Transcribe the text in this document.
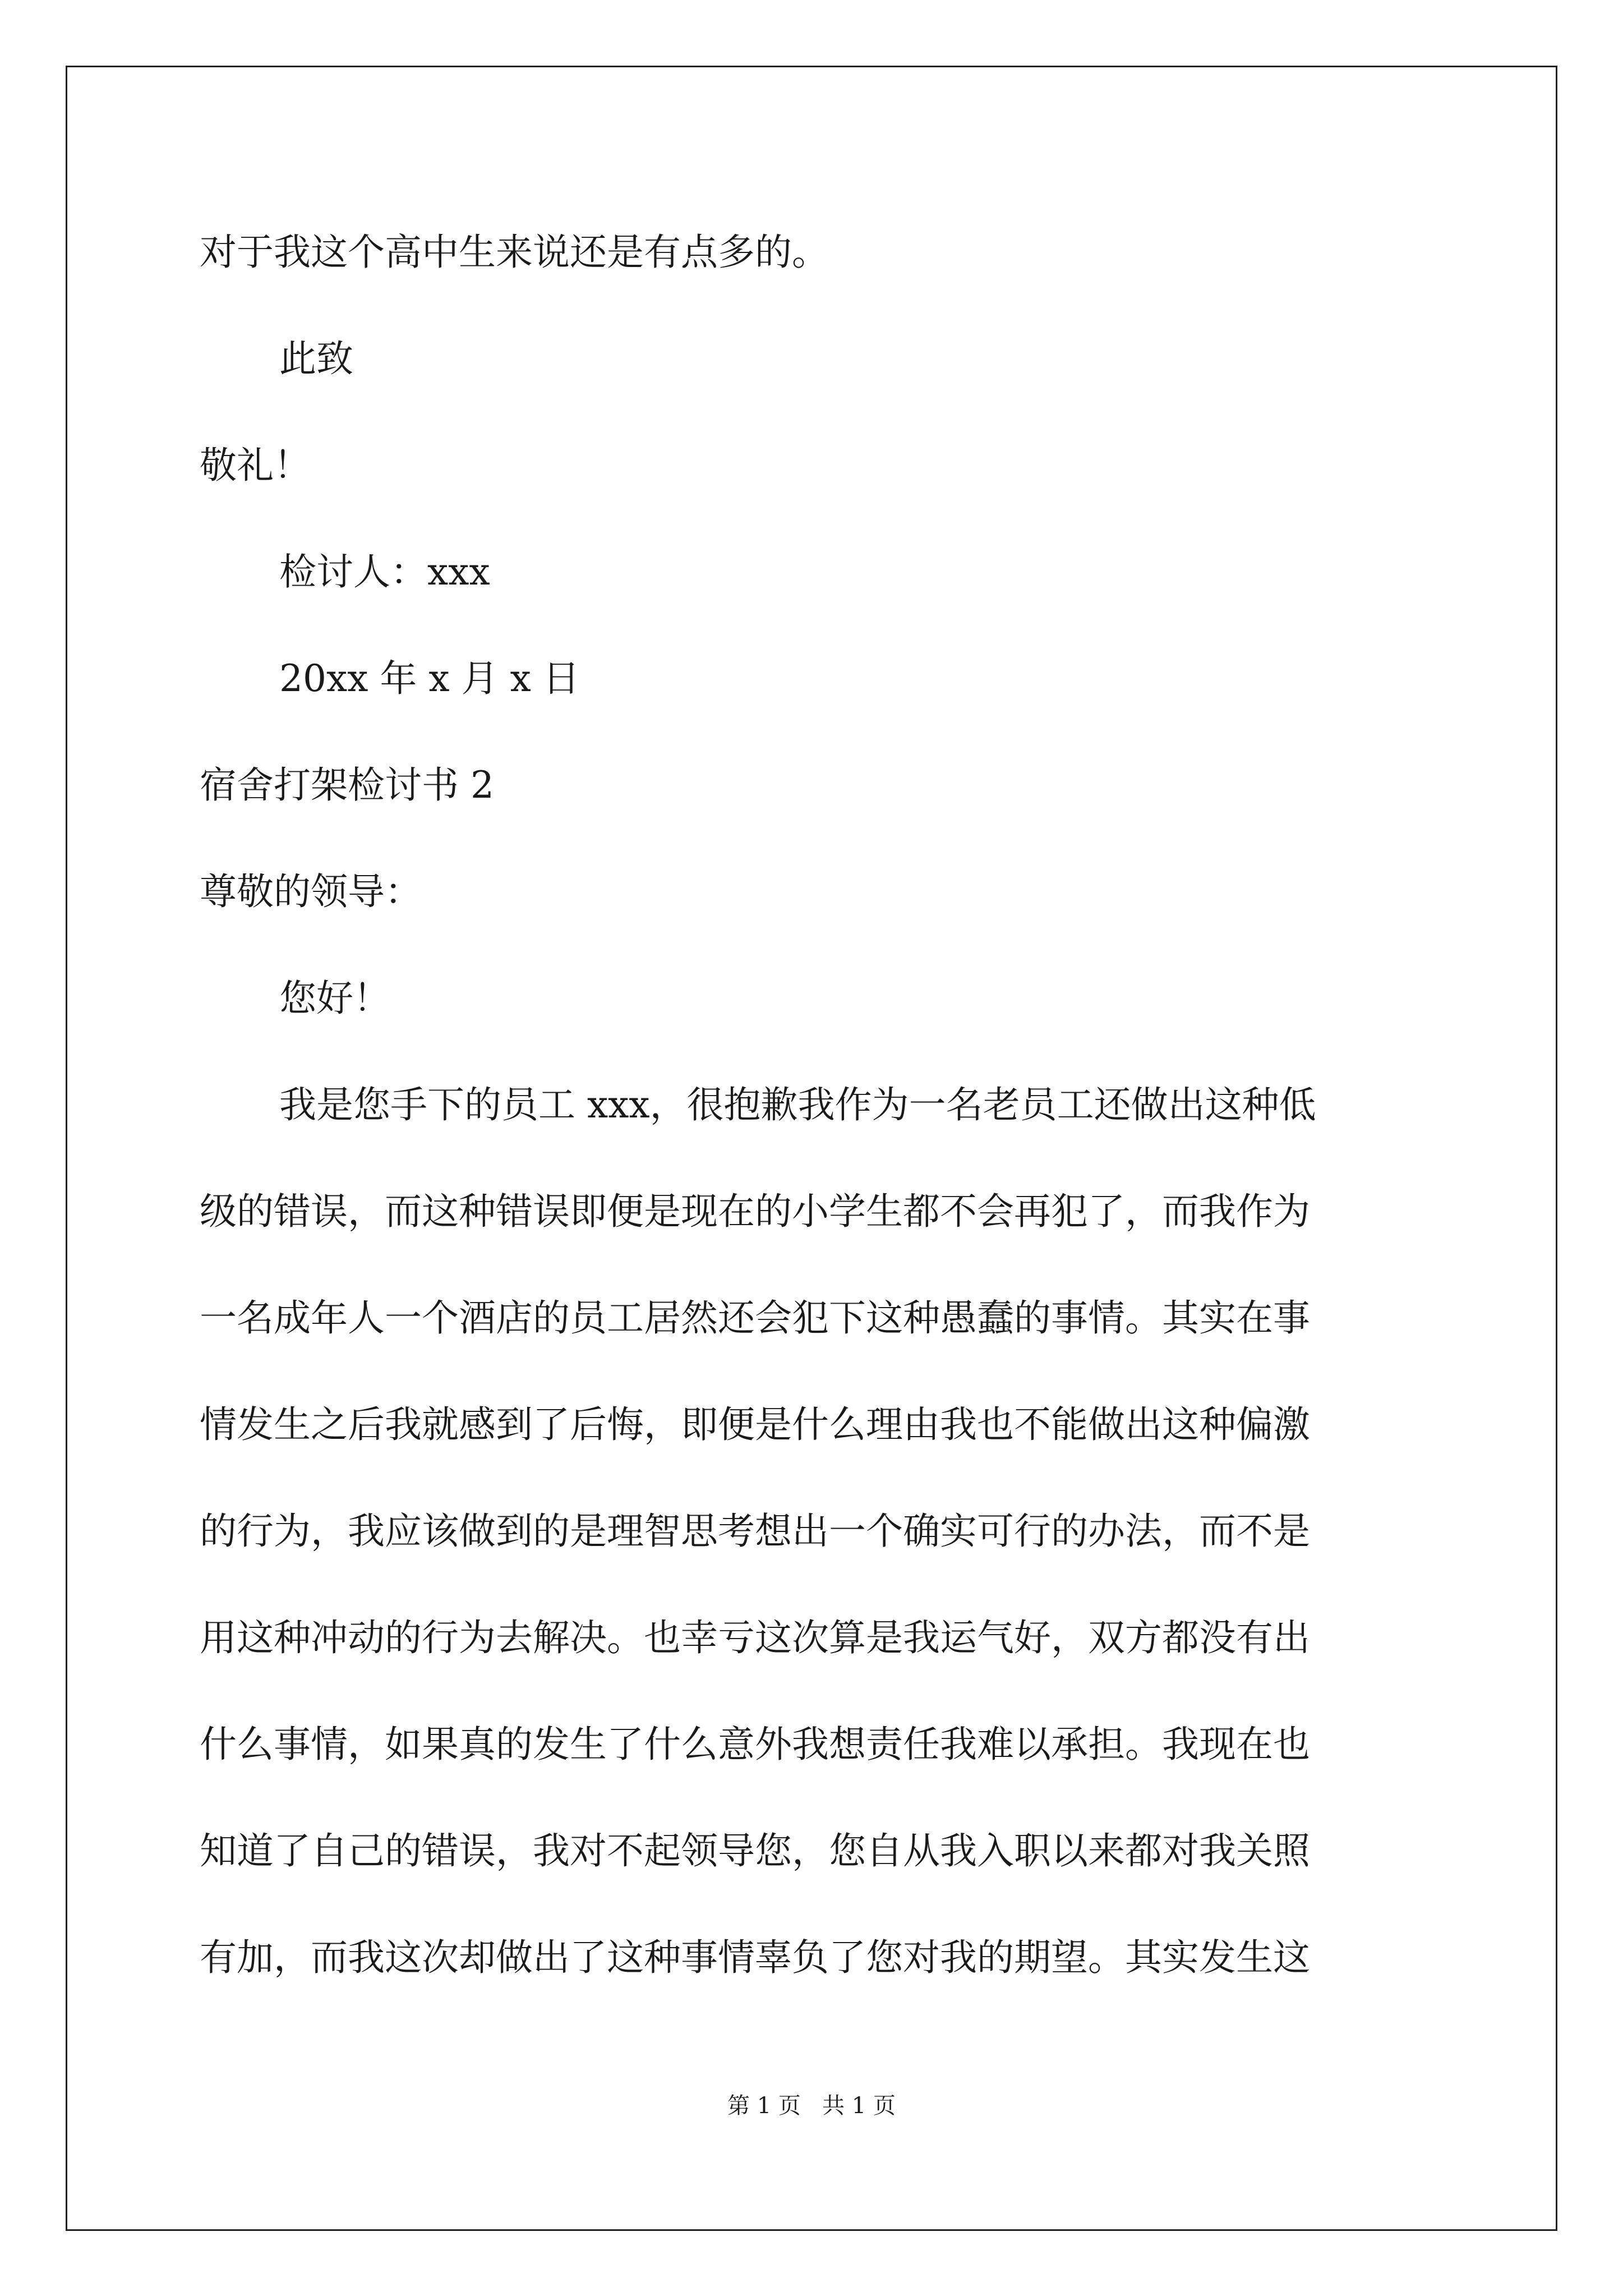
对于我这个高中生来说还是有点多的。
此致
敬礼！
检讨人：xxx
20xx 年 x 月 x 日
宿舍打架检讨书 2
尊敬的领导：
您好！
我是您手下的员工 xxx，很抱歉我作为一名老员工还做出这种低
级的错误，而这种错误即便是现在的小学生都不会再犯了，而我作为
一名成年人一个酒店的员工居然还会犯下这种愚蠢的事情。其实在事
情发生之后我就感到了后悔，即便是什么理由我也不能做出这种偏激
的行为，我应该做到的是理智思考想出一个确实可行的办法，而不是
用这种冲动的行为去解决。也幸亏这次算是我运气好，双方都没有出
什么事情，如果真的发生了什么意外我想责任我难以承担。我现在也
知道了自己的错误，我对不起领导您，您自从我入职以来都对我关照
有加，而我这次却做出了这种事情辜负了您对我的期望。其实发生这
第 1 页   共 1 页
